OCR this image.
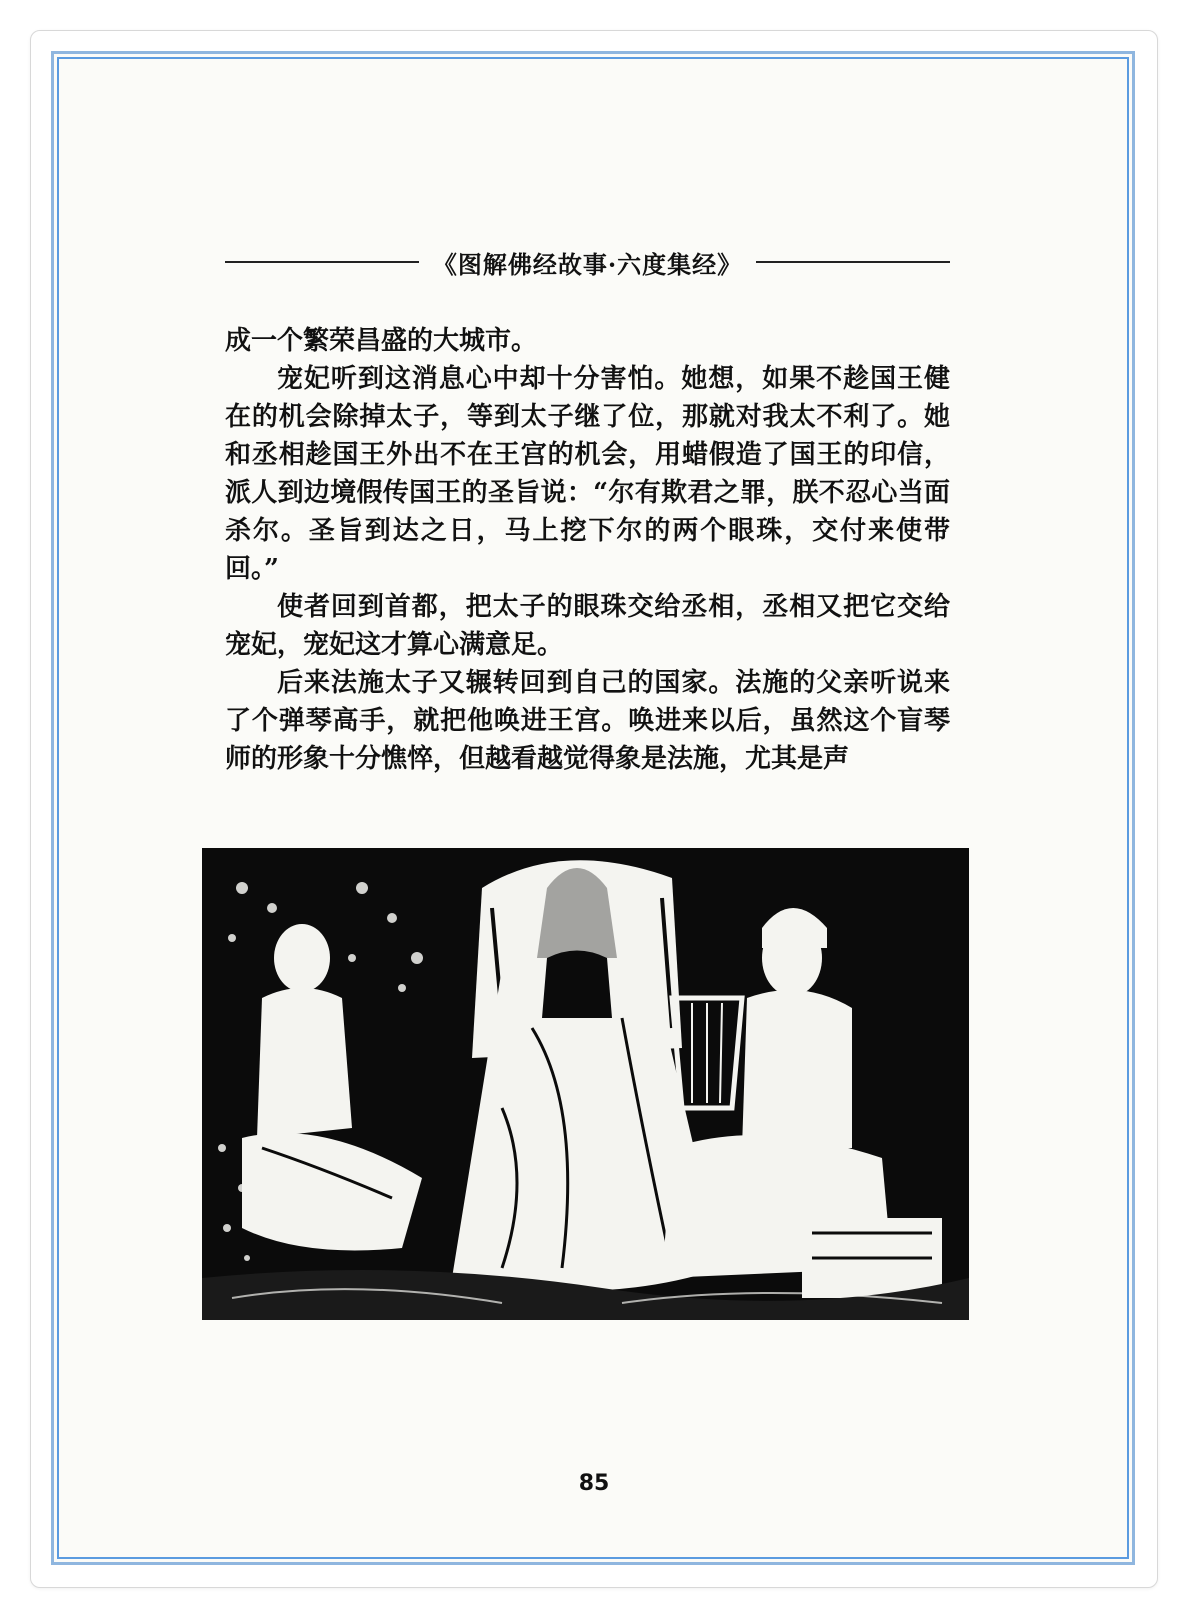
《图解佛经故事·六度集经》

成一个繁荣昌盛的大城市。

宠妃听到这消息心中却十分害怕。她想，如果不趁国王健在的机会除掉太子，等到太子继了位，那就对我太不利了。她和丞相趁国王外出不在王宫的机会，用蜡假造了国王的印信，派人到边境假传国王的圣旨说：“尔有欺君之罪，朕不忍心当面杀尔。圣旨到达之日，马上挖下尔的两个眼珠，交付来使带回。”

使者回到首都，把太子的眼珠交给丞相，丞相又把它交给宠妃，宠妃这才算心满意足。

后来法施太子又辗转回到自己的国家。法施的父亲听说来了个弹琴高手，就把他唤进王宫。唤进来以后，虽然这个盲琴师的形象十分憔悴，但越看越觉得象是法施，尤其是声

85
